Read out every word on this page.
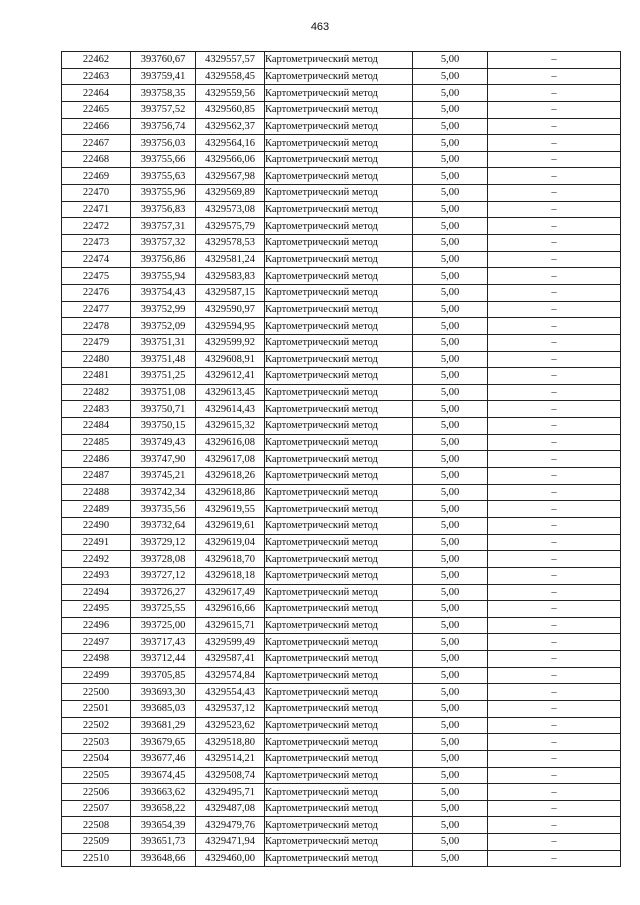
463
22462	393760,67	4329557,57	Картометрический метод	5,00	–
22463	393759,41	4329558,45	Картометрический метод	5,00	–
22464	393758,35	4329559,56	Картометрический метод	5,00	–
22465	393757,52	4329560,85	Картометрический метод	5,00	–
22466	393756,74	4329562,37	Картометрический метод	5,00	–
22467	393756,03	4329564,16	Картометрический метод	5,00	–
22468	393755,66	4329566,06	Картометрический метод	5,00	–
22469	393755,63	4329567,98	Картометрический метод	5,00	–
22470	393755,96	4329569,89	Картометрический метод	5,00	–
22471	393756,83	4329573,08	Картометрический метод	5,00	–
22472	393757,31	4329575,79	Картометрический метод	5,00	–
22473	393757,32	4329578,53	Картометрический метод	5,00	–
22474	393756,86	4329581,24	Картометрический метод	5,00	–
22475	393755,94	4329583,83	Картометрический метод	5,00	–
22476	393754,43	4329587,15	Картометрический метод	5,00	–
22477	393752,99	4329590,97	Картометрический метод	5,00	–
22478	393752,09	4329594,95	Картометрический метод	5,00	–
22479	393751,31	4329599,92	Картометрический метод	5,00	–
22480	393751,48	4329608,91	Картометрический метод	5,00	–
22481	393751,25	4329612,41	Картометрический метод	5,00	–
22482	393751,08	4329613,45	Картометрический метод	5,00	–
22483	393750,71	4329614,43	Картометрический метод	5,00	–
22484	393750,15	4329615,32	Картометрический метод	5,00	–
22485	393749,43	4329616,08	Картометрический метод	5,00	–
22486	393747,90	4329617,08	Картометрический метод	5,00	–
22487	393745,21	4329618,26	Картометрический метод	5,00	–
22488	393742,34	4329618,86	Картометрический метод	5,00	–
22489	393735,56	4329619,55	Картометрический метод	5,00	–
22490	393732,64	4329619,61	Картометрический метод	5,00	–
22491	393729,12	4329619,04	Картометрический метод	5,00	–
22492	393728,08	4329618,70	Картометрический метод	5,00	–
22493	393727,12	4329618,18	Картометрический метод	5,00	–
22494	393726,27	4329617,49	Картометрический метод	5,00	–
22495	393725,55	4329616,66	Картометрический метод	5,00	–
22496	393725,00	4329615,71	Картометрический метод	5,00	–
22497	393717,43	4329599,49	Картометрический метод	5,00	–
22498	393712,44	4329587,41	Картометрический метод	5,00	–
22499	393705,85	4329574,84	Картометрический метод	5,00	–
22500	393693,30	4329554,43	Картометрический метод	5,00	–
22501	393685,03	4329537,12	Картометрический метод	5,00	–
22502	393681,29	4329523,62	Картометрический метод	5,00	–
22503	393679,65	4329518,80	Картометрический метод	5,00	–
22504	393677,46	4329514,21	Картометрический метод	5,00	–
22505	393674,45	4329508,74	Картометрический метод	5,00	–
22506	393663,62	4329495,71	Картометрический метод	5,00	–
22507	393658,22	4329487,08	Картометрический метод	5,00	–
22508	393654,39	4329479,76	Картометрический метод	5,00	–
22509	393651,73	4329471,94	Картометрический метод	5,00	–
22510	393648,66	4329460,00	Картометрический метод	5,00	–
